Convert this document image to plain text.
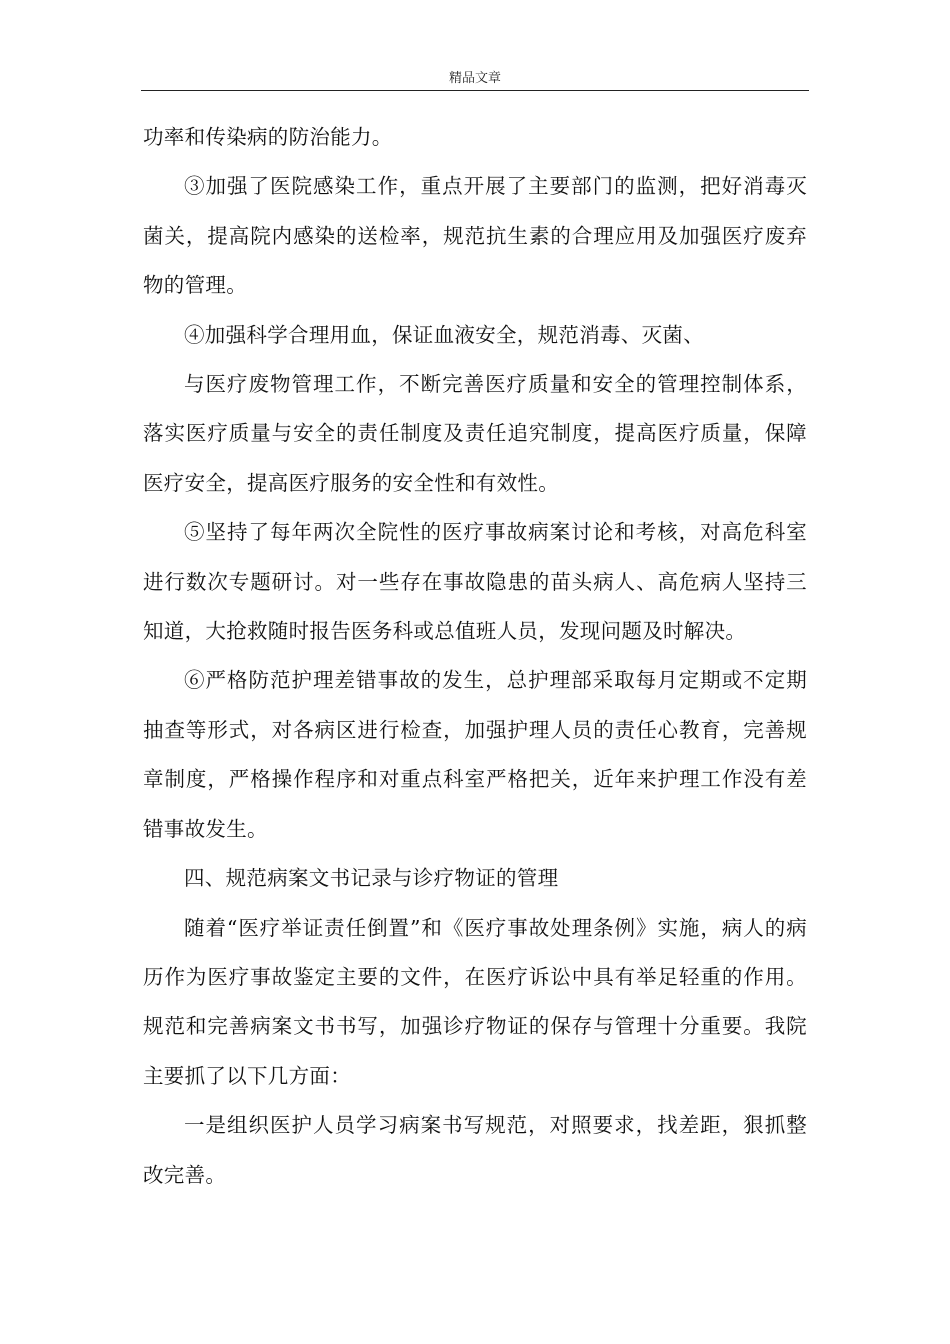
精品文章

功率和传染病的防治能力。

③加强了医院感染工作，重点开展了主要部门的监测，把好消毒灭菌关，提高院内感染的送检率，规范抗生素的合理应用及加强医疗废弃物的管理。

④加强科学合理用血，保证血液安全，规范消毒、灭菌、

与医疗废物管理工作，不断完善医疗质量和安全的管理控制体系，落实医疗质量与安全的责任制度及责任追究制度，提高医疗质量，保障医疗安全，提高医疗服务的安全性和有效性。

⑤坚持了每年两次全院性的医疗事故病案讨论和考核，对高危科室进行数次专题研讨。对一些存在事故隐患的苗头病人、高危病人坚持三知道，大抢救随时报告医务科或总值班人员，发现问题及时解决。

⑥严格防范护理差错事故的发生，总护理部采取每月定期或不定期抽查等形式，对各病区进行检查，加强护理人员的责任心教育，完善规章制度，严格操作程序和对重点科室严格把关，近年来护理工作没有差错事故发生。

四、规范病案文书记录与诊疗物证的管理

随着“医疗举证责任倒置”和《医疗事故处理条例》实施，病人的病历作为医疗事故鉴定主要的文件，在医疗诉讼中具有举足轻重的作用。规范和完善病案文书书写，加强诊疗物证的保存与管理十分重要。我院主要抓了以下几方面：

一是组织医护人员学习病案书写规范，对照要求，找差距，狠抓整改完善。
